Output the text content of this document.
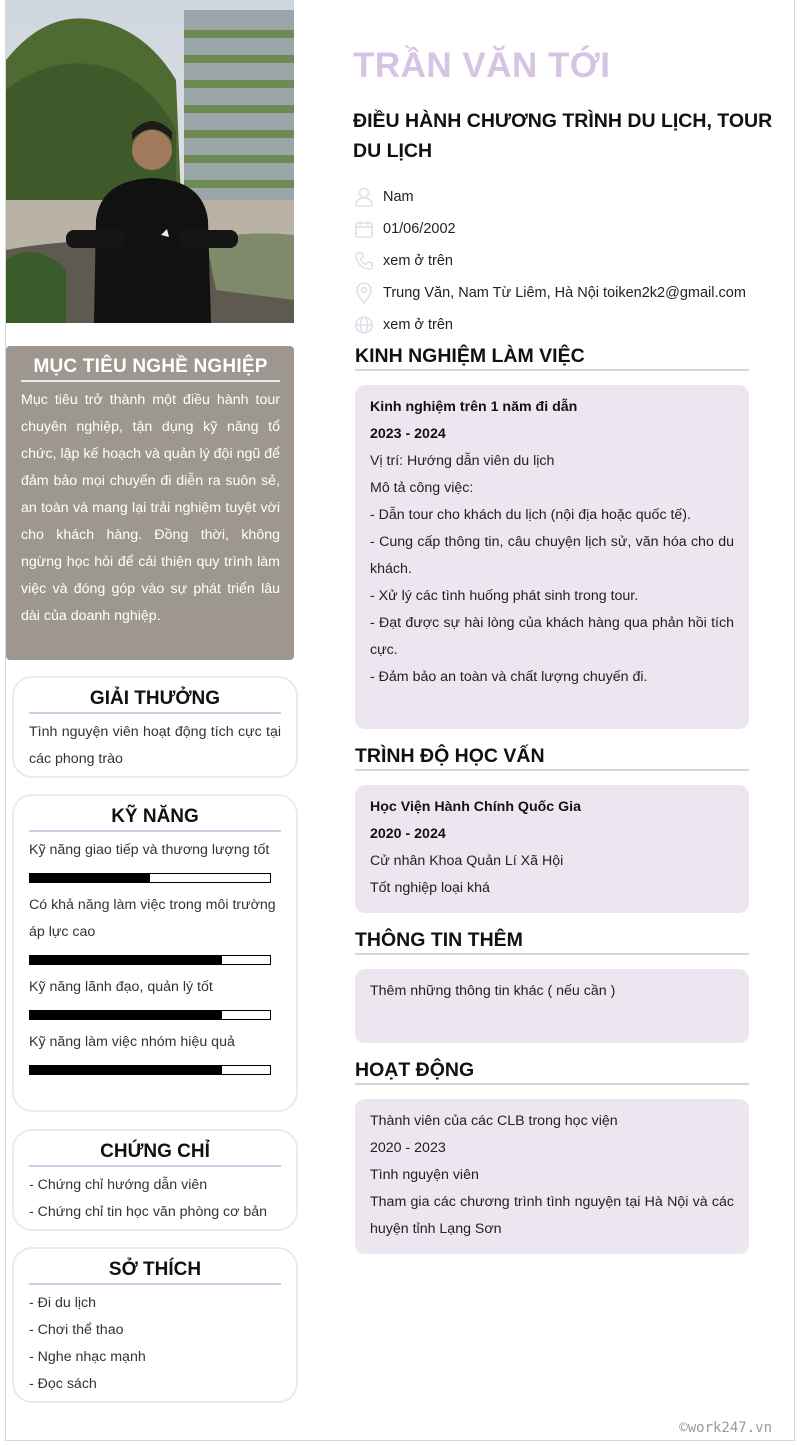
MỤC TIÊU NGHỀ NGHIỆP

Mục tiêu trở thành một điều hành tour chuyên nghiệp, tận dụng kỹ năng tổ chức, lập kế hoạch và quản lý đội ngũ để đảm bảo mọi chuyến đi diễn ra suôn sẻ, an toàn và mang lại trải nghiệm tuyệt vời cho khách hàng. Đồng thời, không ngừng học hỏi để cải thiện quy trình làm việc và đóng góp vào sự phát triển lâu dài của doanh nghiệp.

GIẢI THƯỞNG

Tình nguyện viên hoạt động tích cực tại các phong trào

KỸ NĂNG
Kỹ năng giao tiếp và thương lượng tốt
Có khả năng làm việc trong môi trường áp lực cao
Kỹ năng lãnh đạo, quản lý tốt
Kỹ năng làm việc nhóm hiệu quả
CHỨNG CHỈ
- Chứng chỉ hướng dẫn viên
- Chứng chỉ tin học văn phòng cơ bản
SỞ THÍCH
- Đi du lịch
- Chơi thể thao
- Nghe nhạc mạnh
- Đọc sách
TRẦN VĂN TỚI
ĐIỀU HÀNH CHƯƠNG TRÌNH DU LỊCH, TOUR DU LỊCH
Nam
01/06/2002
xem ở trên
Trung Văn, Nam Từ Liêm, Hà Nội toiken2k2@gmail.com
xem ở trên
KINH NGHIỆM LÀM VIỆC

Kinh nghiệm trên 1 năm đi dẫn

2023 - 2024

Vị trí: Hướng dẫn viên du lịch

Mô tả công việc:

- Dẫn tour cho khách du lịch (nội địa hoặc quốc tế).

- Cung cấp thông tin, câu chuyện lịch sử, văn hóa cho du khách.

- Xử lý các tình huống phát sinh trong tour.

- Đạt được sự hài lòng của khách hàng qua phản hồi tích cực.

- Đảm bảo an toàn và chất lượng chuyến đi.

TRÌNH ĐỘ HỌC VẤN

Học Viện Hành Chính Quốc Gia

2020 - 2024

Cử nhân Khoa Quản Lí Xã Hội

Tốt nghiệp loại khá

THÔNG TIN THÊM

Thêm những thông tin khác ( nếu cần )

HOẠT ĐỘNG

Thành viên của các CLB trong học viện

2020 - 2023

Tình nguyện viên

Tham gia các chương trình tình nguyện tại Hà Nội và các huyện tỉnh Lạng Sơn

©work247.vn
